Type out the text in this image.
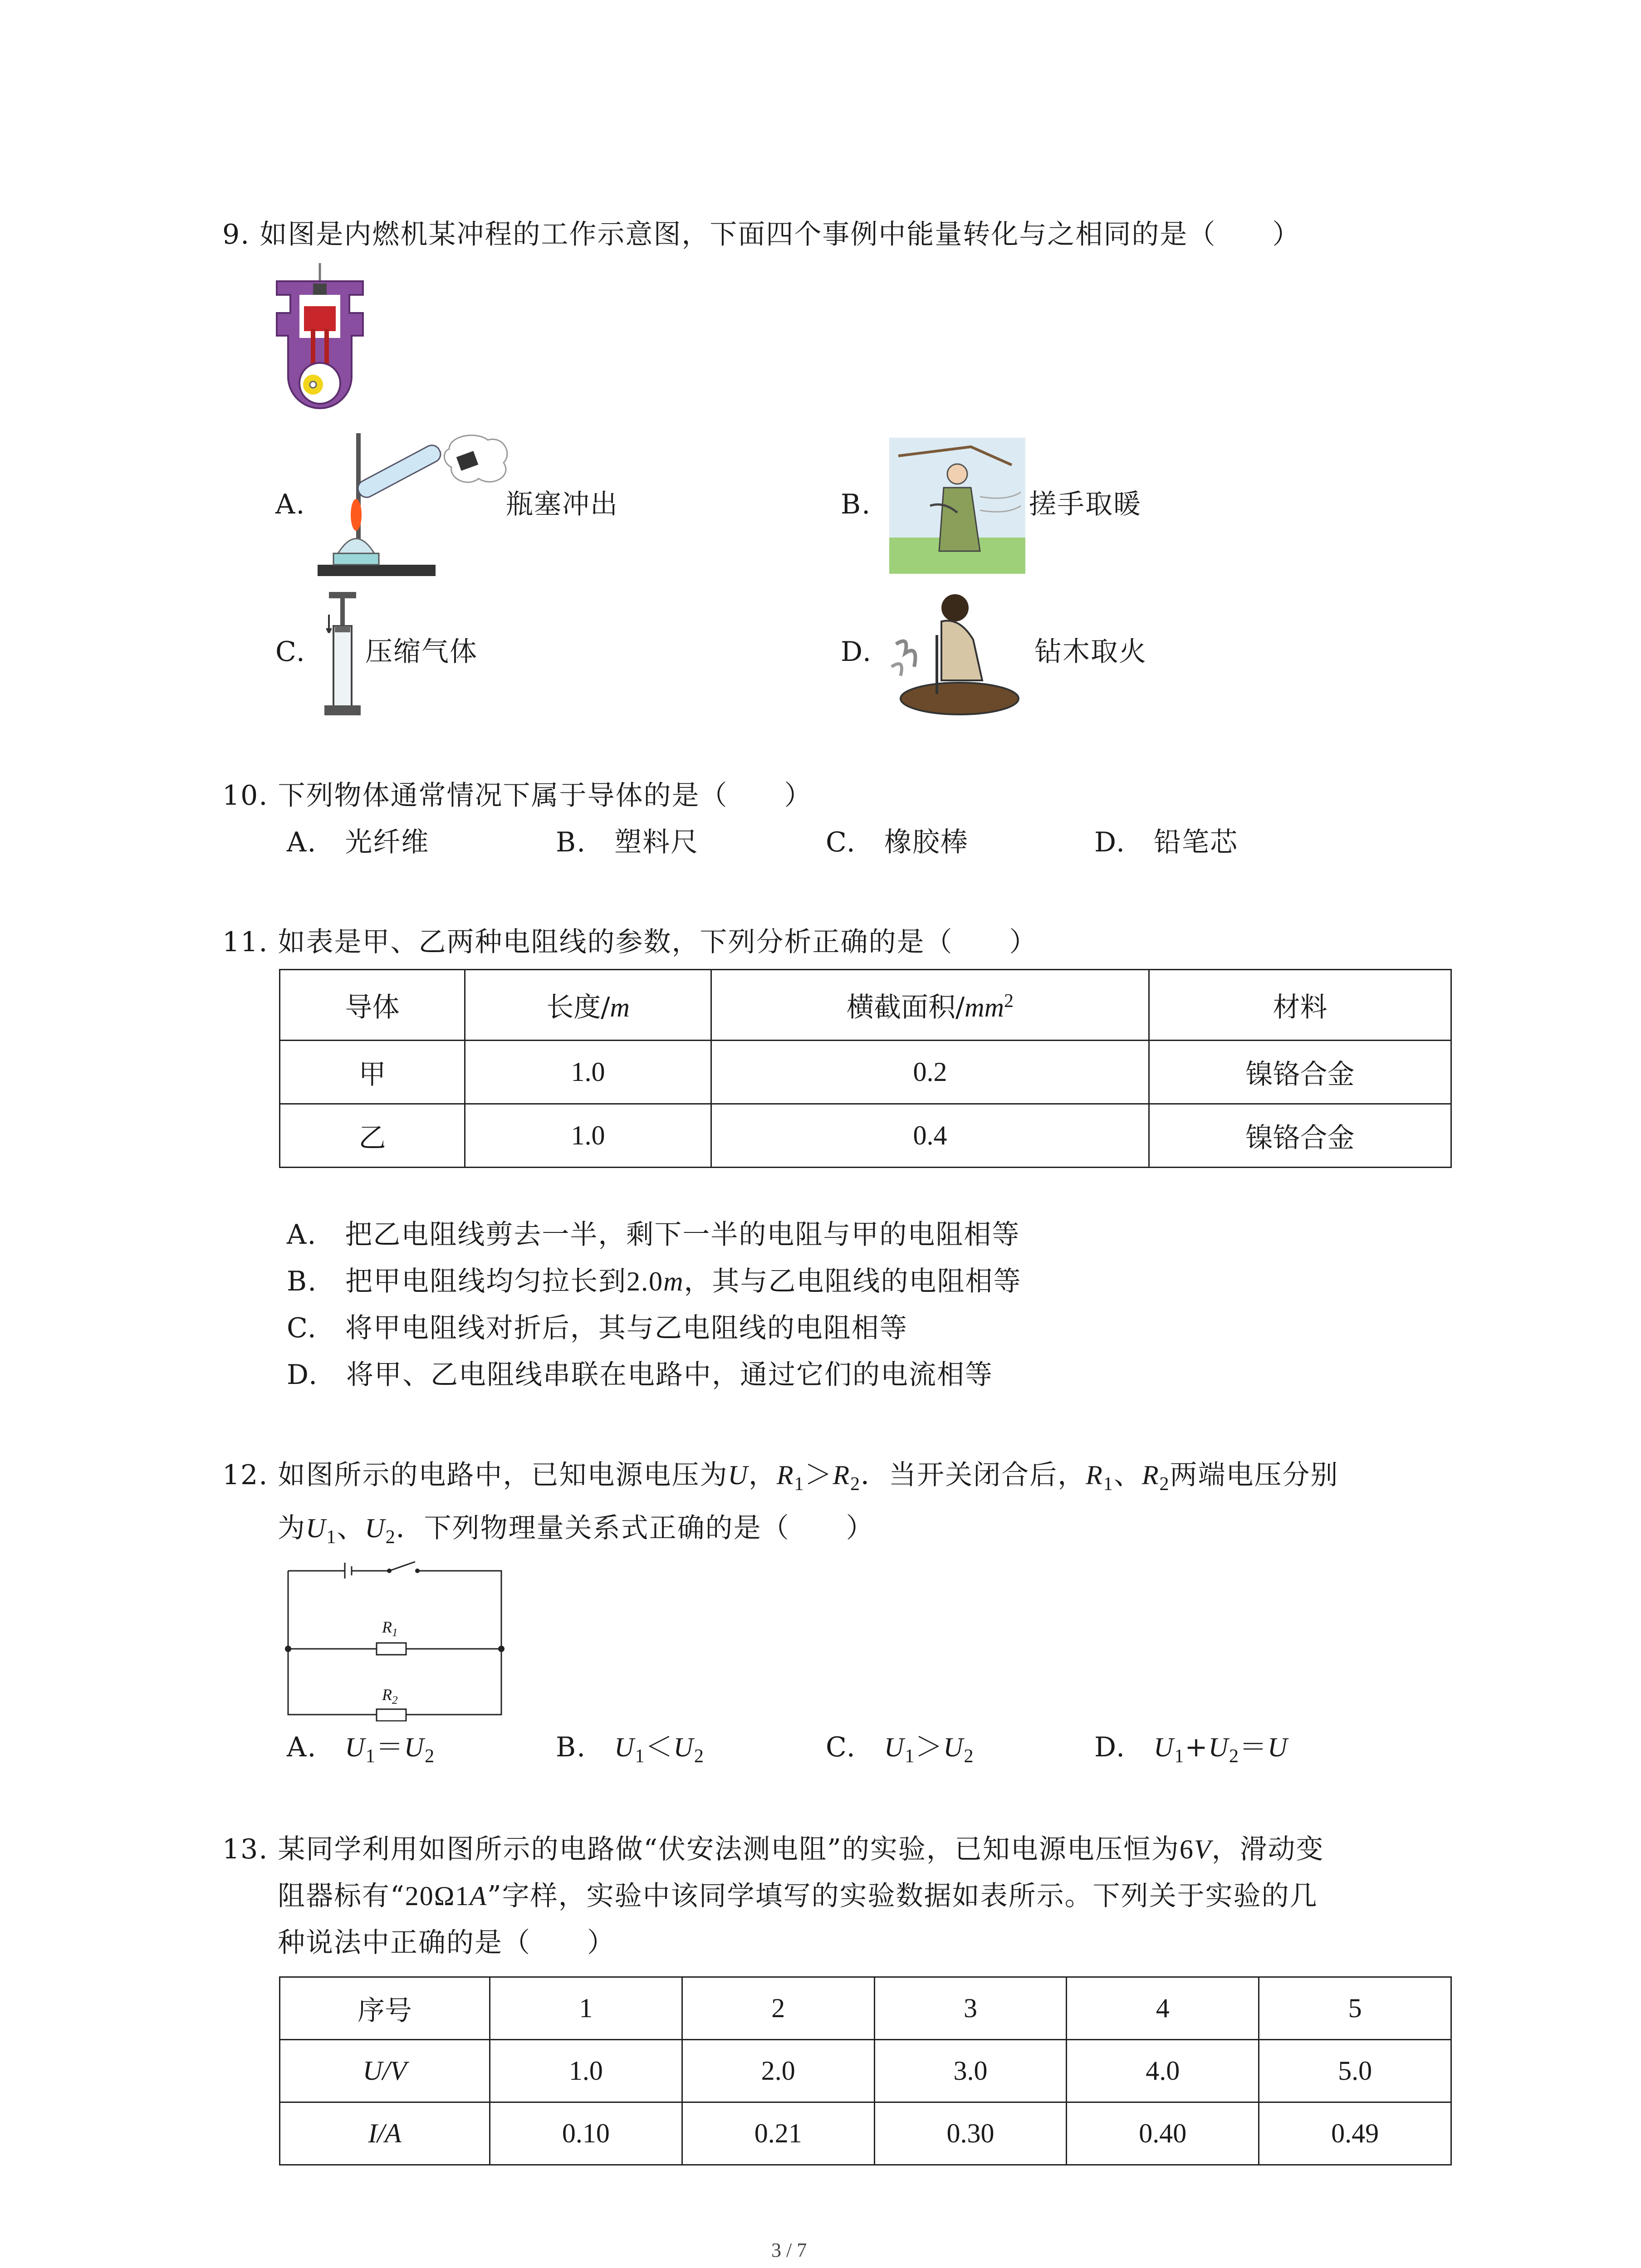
9. 如图是内燃机某冲程的工作示意图，下面四个事例中能量转化与之相同的是（　　）
A.	瓶塞冲出	B.	搓手取暖
C. 压缩气体	D.	钻木取火
10. 下列物体通常情况下属于导体的是（　　）
A.　 光纤维	B.　 塑料尺	C.　 橡胶棒	D.　 铅笔芯
11. 如表是甲、乙两种电阻线的参数，下列分析正确的是（　　）
导体	长度/m	横截面积$/mm^2$	材料
甲	1.0	0.2	镍铬合金
乙	1.0	0.4	镍铬合金
A.　把乙电阻线剪去一半，剩下一半的电阻与甲的电阻相等
B.　把甲电阻线均匀拉长到2.0m，其与乙电阻线的电阻相等
C.　将甲电阻线对折后，其与乙电阻线的电阻相等
D.　将甲、乙电阻线串联在电路中，通过它们的电流相等
12. 如图所示的电路中，已知电源电压为U，$R_1>R_2$．当开关闭合后，$R_1$、$R_2$两端电压分别
为$U_1$、$U_2$．下列物理量关系式正确的是（　　）
$R_1$
$R_2$
A.　 $U_1=U_2$	B.　 $U_1<U_2$	C.　 $U_1>U_2$	D.　 $U_1+U_2=U$
13. 某同学利用如图所示的电路做“伏安法测电阻”的实验，已知电源电压恒为6V，滑动变
阻器标有“20Ω1A”字样，实验中该同学填写的实验数据如表所示。下列关于实验的几
种说法中正确的是（　　）
序号	1	2	3	4	5
U/V	1.0	2.0	3.0	4.0	5.0
I/A	0.10	0.21	0.30	0.40	0.49
3 / 7
